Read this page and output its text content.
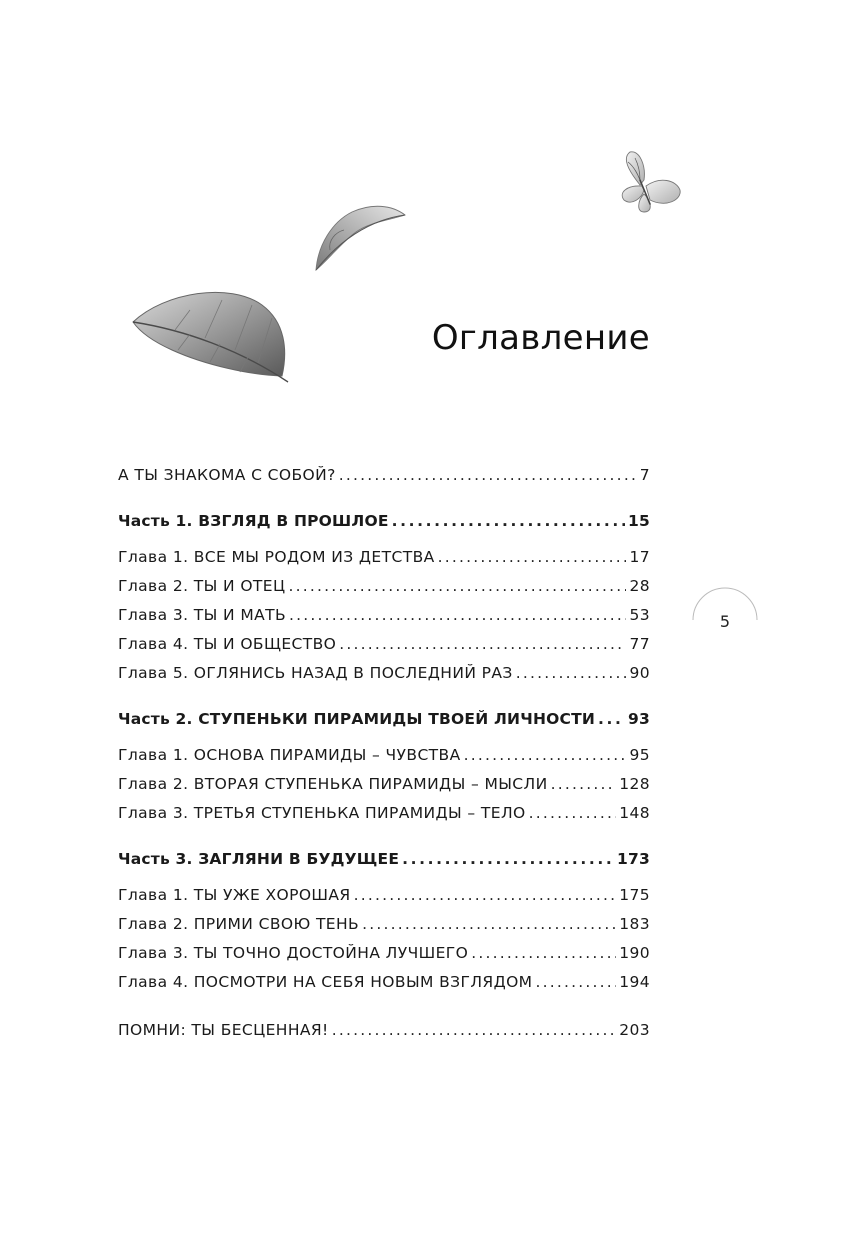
Оглавление
А ТЫ ЗНАКОМА С СОБОЙ? .....	7
Часть 1. ВЗГЛЯД В ПРОШЛОЕ .....	15
Глава 1. ВСЕ МЫ РОДОМ ИЗ ДЕТСТВА .....	17
Глава 2. ТЫ И ОТЕЦ .....	28
Глава 3. ТЫ И МАТЬ .....	53
Глава 4. ТЫ И ОБЩЕСТВО .....	77
Глава 5. ОГЛЯНИСЬ НАЗАД В ПОСЛЕДНИЙ РАЗ .....	90
Часть 2. СТУПЕНЬКИ ПИРАМИДЫ ТВОЕЙ ЛИЧНОСТИ ..... 93
Глава 1. ОСНОВА ПИРАМИДЫ – ЧУВСТВА .....	95
Глава 2. ВТОРАЯ СТУПЕНЬКА ПИРАМИДЫ – МЫСЛИ .....	128
Глава 3. ТРЕТЬЯ СТУПЕНЬКА ПИРАМИДЫ – ТЕЛО .....	148
Часть 3. ЗАГЛЯНИ В БУДУЩЕЕ .....	173
Глава 1. ТЫ УЖЕ ХОРОШАЯ .....	175
Глава 2. ПРИМИ СВОЮ ТЕНЬ .....	183
Глава 3. ТЫ ТОЧНО ДОСТОЙНА ЛУЧШЕГО .....	190
Глава 4. ПОСМОТРИ НА СЕБЯ НОВЫМ ВЗГЛЯДОМ .....	194
ПОМНИ: ТЫ БЕСЦЕННАЯ! .....	203
5
